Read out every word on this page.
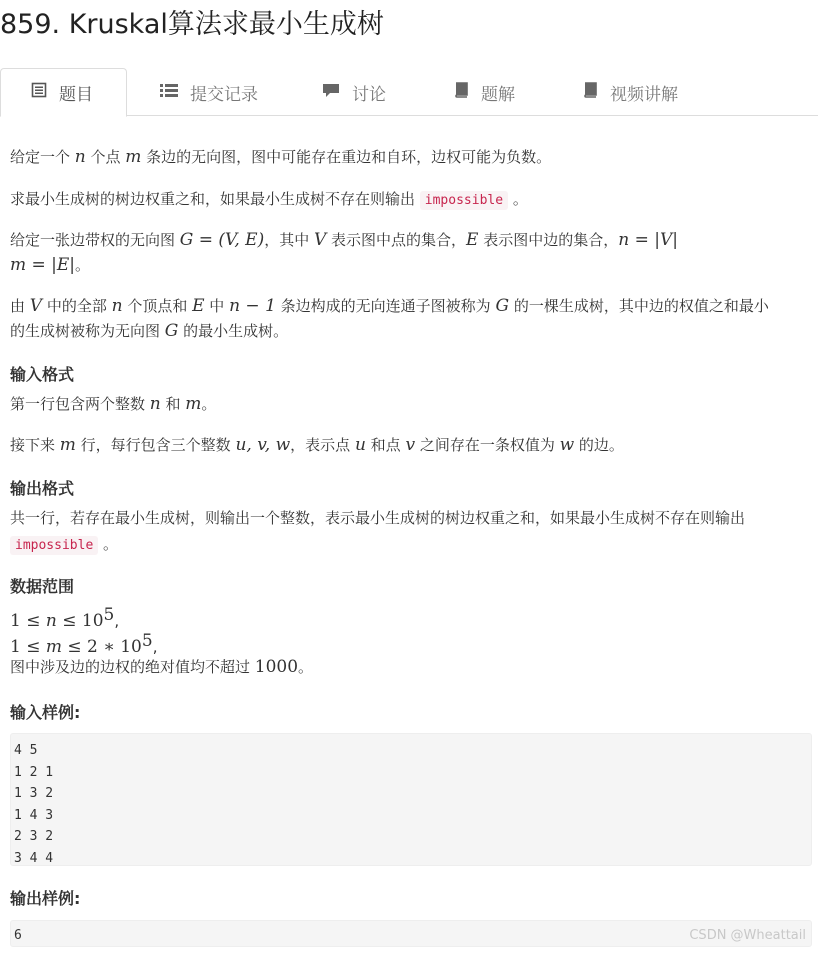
859. Kruskal算法求最小生成树
题目	提交记录	讨论	题解	视频讲解
给定一个 n 个点 m 条边的无向图，图中可能存在重边和自环，边权可能为负数。
求最小生成树的树边权重之和，如果最小生成树不存在则输出 impossible 。
给定一张边带权的无向图 G = (V, E)，其中 V 表示图中点的集合，E 表示图中边的集合，n = |V|
m = |E|。
由 V 中的全部 n 个顶点和 E 中 n − 1 条边构成的无向连通子图被称为 G 的一棵生成树，其中边的权值之和最小
的生成树被称为无向图 G 的最小生成树。
输入格式
第一行包含两个整数 n 和 m。
接下来 m 行，每行包含三个整数 u, v, w，表示点 u 和点 v 之间存在一条权值为 w 的边。
输出格式
共一行，若存在最小生成树，则输出一个整数，表示最小生成树的树边权重之和，如果最小生成树不存在则输出
impossible 。
数据范围
$1 \le n \le 10^5$,
1 ≤ m ≤ 2 ∗ $10^5$,
图中涉及边的边权的绝对值均不超过 1000。
输入样例:
4 5
1 2 1
1 3 2
1 4 3
2 3 2
3 4 4
输出样例:
6	CSDN @Wheattail
